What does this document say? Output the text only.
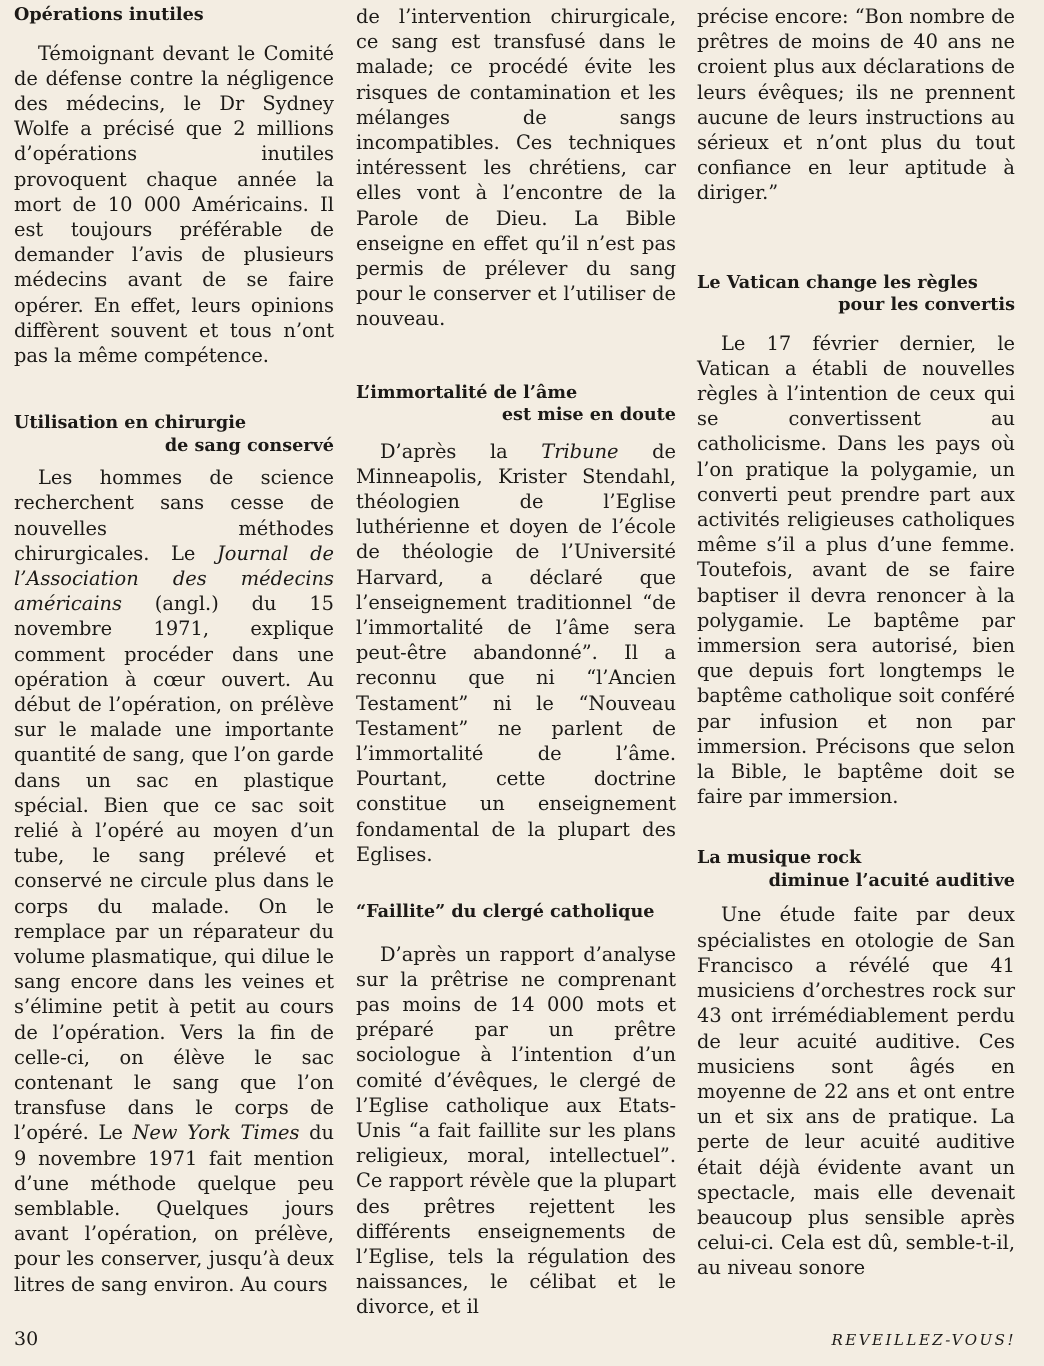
Opérations inutiles

Témoignant devant le Comité de défense contre la négligence des médecins, le Dr Sydney Wolfe a précisé que 2 millions d’opérations inutiles provoquent chaque année la mort de 10 000 Américains. Il est toujours préférable de demander l’avis de plusieurs médecins avant de se faire opérer. En effet, leurs opinions diffèrent souvent et tous n’ont pas la même compétence.

Utilisation en chirurgie
de sang conservé

Les hommes de science recherchent sans cesse de nouvelles méthodes chirurgicales. Le Journal de l’Association des médecins américains (angl.) du 15 novembre 1971, explique comment procéder dans une opération à cœur ouvert. Au début de l’opération, on prélève sur le malade une importante quantité de sang, que l’on garde dans un sac en plastique spécial. Bien que ce sac soit relié à l’opéré au moyen d’un tube, le sang prélevé et conservé ne circule plus dans le corps du malade. On le remplace par un réparateur du volume plasmatique, qui dilue le sang encore dans les veines et s’élimine petit à petit au cours de l’opération. Vers la fin de celle-ci, on élève le sac contenant le sang que l’on transfuse dans le corps de l’opéré. Le New York Times du 9 novembre 1971 fait mention d’une méthode quelque peu semblable. Quelques jours avant l’opération, on prélève, pour les conserver, jusqu’à deux litres de sang environ. Au cours

de l’intervention chirurgicale, ce sang est transfusé dans le malade; ce procédé évite les risques de contamination et les mélanges de sangs incompatibles. Ces techniques intéressent les chrétiens, car elles vont à l’encontre de la Parole de Dieu. La Bible enseigne en effet qu’il n’est pas permis de prélever du sang pour le conserver et l’utiliser de nouveau.

L’immortalité de l’âme
est mise en doute

D’après la Tribune de Minneapolis, Krister Stendahl, théologien de l’Eglise luthérienne et doyen de l’école de théologie de l’Université Harvard, a déclaré que l’enseignement traditionnel “de l’immortalité de l’âme sera peut-être abandonné”. Il a reconnu que ni “l’Ancien Testament” ni le “Nouveau Testament” ne parlent de l’immortalité de l’âme. Pourtant, cette doctrine constitue un enseignement fondamental de la plupart des Eglises.

“Faillite” du clergé catholique

D’après un rapport d’analyse sur la prêtrise ne comprenant pas moins de 14 000 mots et préparé par un prêtre sociologue à l’intention d’un comité d’évêques, le clergé de l’Eglise catholique aux Etats-Unis “a fait faillite sur les plans religieux, moral, intellectuel”. Ce rapport révèle que la plupart des prêtres rejettent les différents enseignements de l’Eglise, tels la régulation des naissances, le célibat et le divorce, et il

précise encore: “Bon nombre de prêtres de moins de 40 ans ne croient plus aux déclarations de leurs évêques; ils ne prennent aucune de leurs instructions au sérieux et n’ont plus du tout confiance en leur aptitude à diriger.”

Le Vatican change les règles
pour les convertis

Le 17 février dernier, le Vatican a établi de nouvelles règles à l’intention de ceux qui se convertissent au catholicisme. Dans les pays où l’on pratique la polygamie, un converti peut prendre part aux activités religieuses catholiques même s’il a plus d’une femme. Toutefois, avant de se faire baptiser il devra renoncer à la polygamie. Le baptême par immersion sera autorisé, bien que depuis fort longtemps le baptême catholique soit conféré par infusion et non par immersion. Précisons que selon la Bible, le baptême doit se faire par immersion.

La musique rock
diminue l’acuité auditive

Une étude faite par deux spécialistes en otologie de San Francisco a révélé que 41 musiciens d’orchestres rock sur 43 ont irrémédiablement perdu de leur acuité auditive. Ces musiciens sont âgés en moyenne de 22 ans et ont entre un et six ans de pratique. La perte de leur acuité auditive était déjà évidente avant un spectacle, mais elle devenait beaucoup plus sensible après celui-ci. Cela est dû, semble-t-il, au niveau sonore

30	REVEILLEZ-VOUS!
